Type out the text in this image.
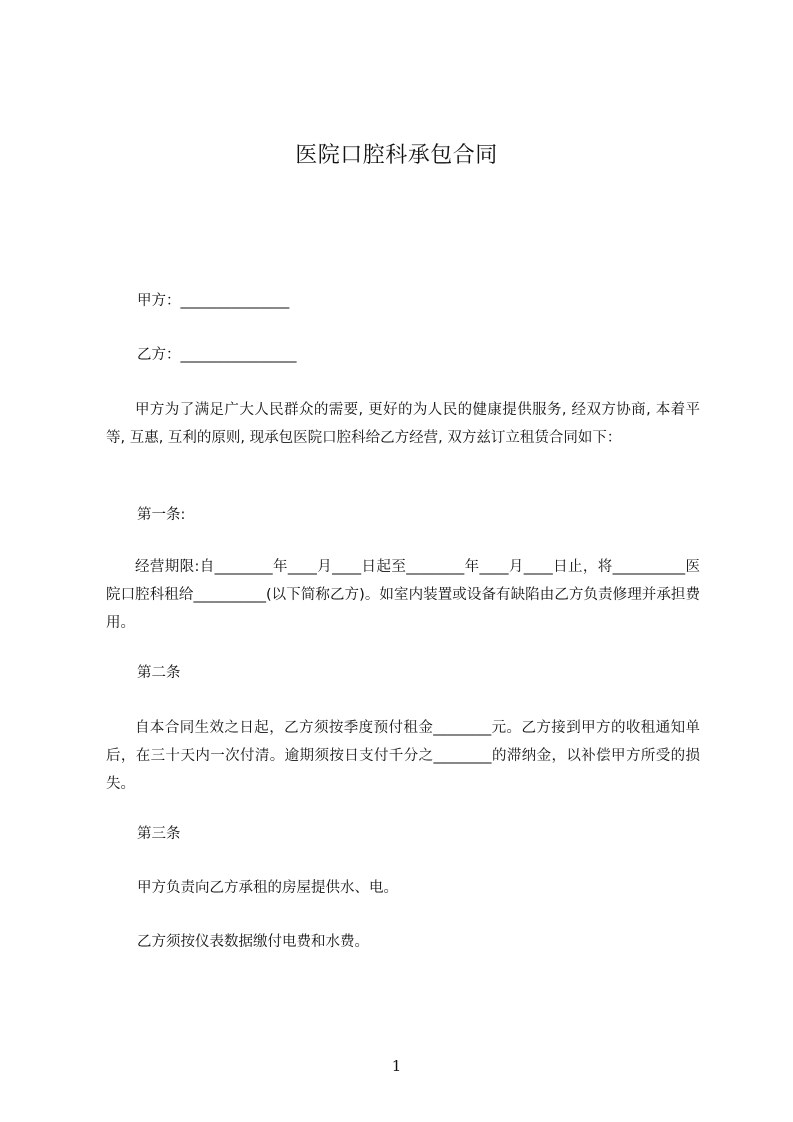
医院口腔科承包合同
甲方：_______________
乙方：________________
甲方为了满足广大人民群众的需要, 更好的为人民的健康提供服务, 经双方协商, 本着平等, 互惠, 互利的原则, 现承包医院口腔科给乙方经营, 双方兹订立租赁合同如下：
第一条:
经营期限:自________年____月____日起至________年____月____日止，将__________医院口腔科租给__________(以下简称乙方)。如室内装置或设备有缺陷由乙方负责修理并承担费用。
第二条
自本合同生效之日起，乙方须按季度预付租金________元。乙方接到甲方的收租通知单后，在三十天内一次付清。逾期须按日支付千分之________的滞纳金，以补偿甲方所受的损失。
第三条
甲方负责向乙方承租的房屋提供水、电。
乙方须按仪表数据缴付电费和水费。
1
